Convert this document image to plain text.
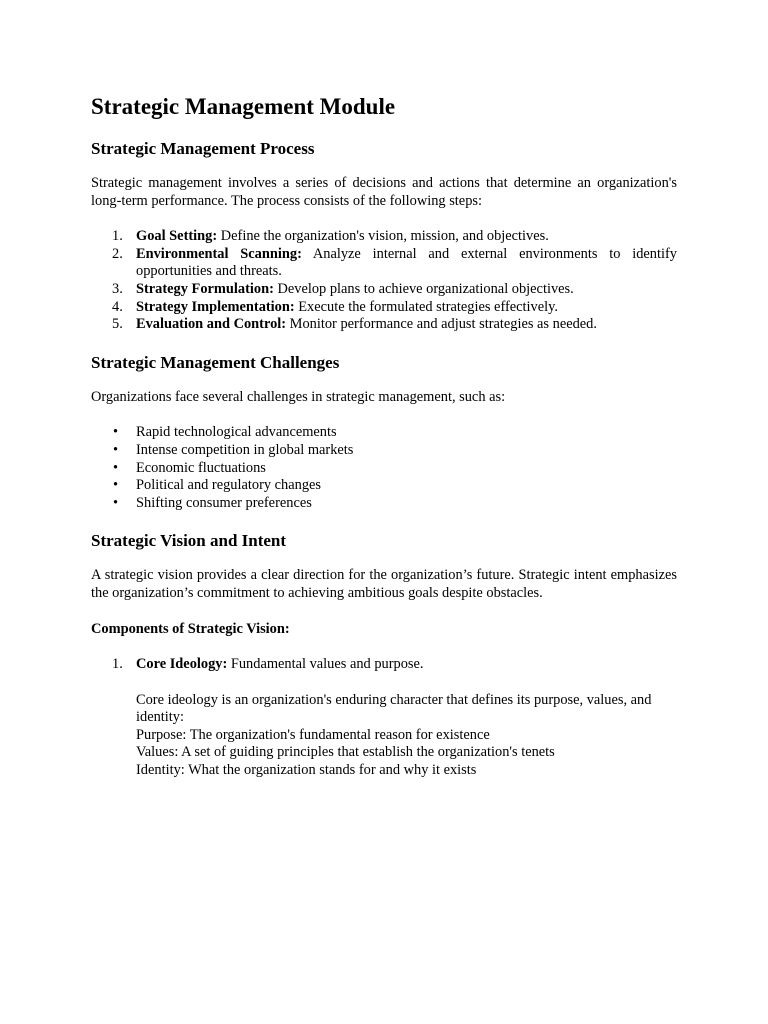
Strategic Management Module
Strategic Management Process

Strategic management involves a series of decisions and actions that determine an organization's long-term performance. The process consists of the following steps:

1. Goal Setting: Define the organization's vision, mission, and objectives.
2. Environmental Scanning: Analyze internal and external environments to identify opportunities and threats.
3. Strategy Formulation: Develop plans to achieve organizational objectives.
4. Strategy Implementation: Execute the formulated strategies effectively.
5. Evaluation and Control: Monitor performance and adjust strategies as needed.
Strategic Management Challenges

Organizations face several challenges in strategic management, such as:

• Rapid technological advancements
• Intense competition in global markets
• Economic fluctuations
• Political and regulatory changes
• Shifting consumer preferences
Strategic Vision and Intent

A strategic vision provides a clear direction for the organization’s future. Strategic intent emphasizes the organization’s commitment to achieving ambitious goals despite obstacles.

Components of Strategic Vision:

1. Core Ideology: Fundamental values and purpose.
Core ideology is an organization's enduring character that defines its purpose, values, and identity:
Purpose: The organization's fundamental reason for existence
Values: A set of guiding principles that establish the organization's tenets
Identity: What the organization stands for and why it exists
